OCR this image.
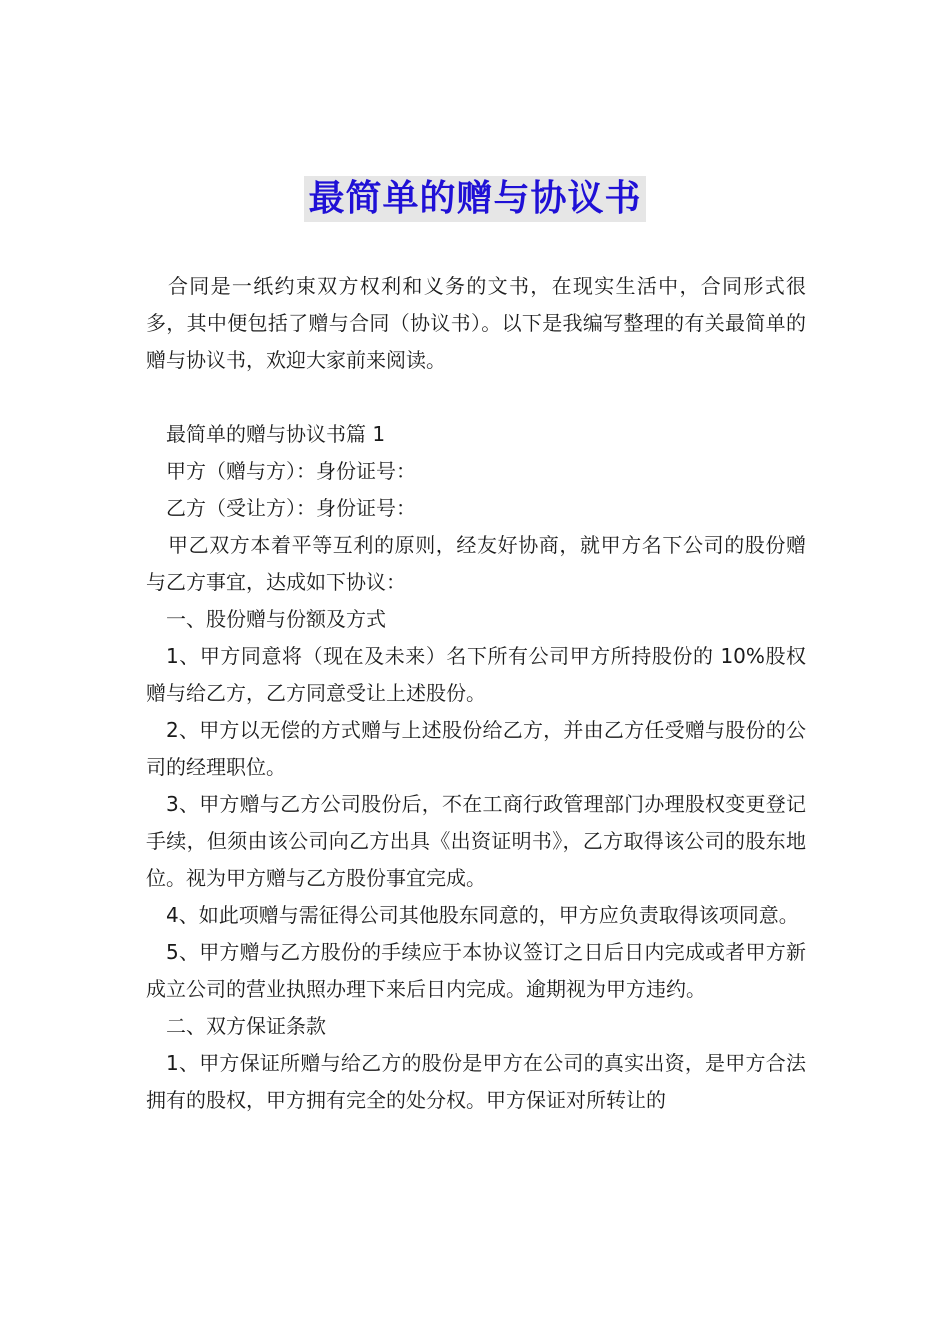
最简单的赠与协议书

合同是一纸约束双方权利和义务的文书，在现实生活中，合同形式很多，其中便包括了赠与合同（协议书）。以下是我编写整理的有关最简单的赠与协议书，欢迎大家前来阅读。

最简单的赠与协议书篇 1

甲方（赠与方）：身份证号：

乙方（受让方）：身份证号：

甲乙双方本着平等互利的原则，经友好协商，就甲方名下公司的股份赠与乙方事宜，达成如下协议：

一、股份赠与份额及方式

1、甲方同意将（现在及未来）名下所有公司甲方所持股份的 10%股权赠与给乙方，乙方同意受让上述股份。

2、甲方以无偿的方式赠与上述股份给乙方，并由乙方任受赠与股份的公司的经理职位。

3、甲方赠与乙方公司股份后，不在工商行政管理部门办理股权变更登记手续，但须由该公司向乙方出具《出资证明书》，乙方取得该公司的股东地位。视为甲方赠与乙方股份事宜完成。

4、如此项赠与需征得公司其他股东同意的，甲方应负责取得该项同意。

5、甲方赠与乙方股份的手续应于本协议签订之日后日内完成或者甲方新成立公司的营业执照办理下来后日内完成。逾期视为甲方违约。

二、双方保证条款

1、甲方保证所赠与给乙方的股份是甲方在公司的真实出资，是甲方合法拥有的股权，甲方拥有完全的处分权。甲方保证对所转让的
